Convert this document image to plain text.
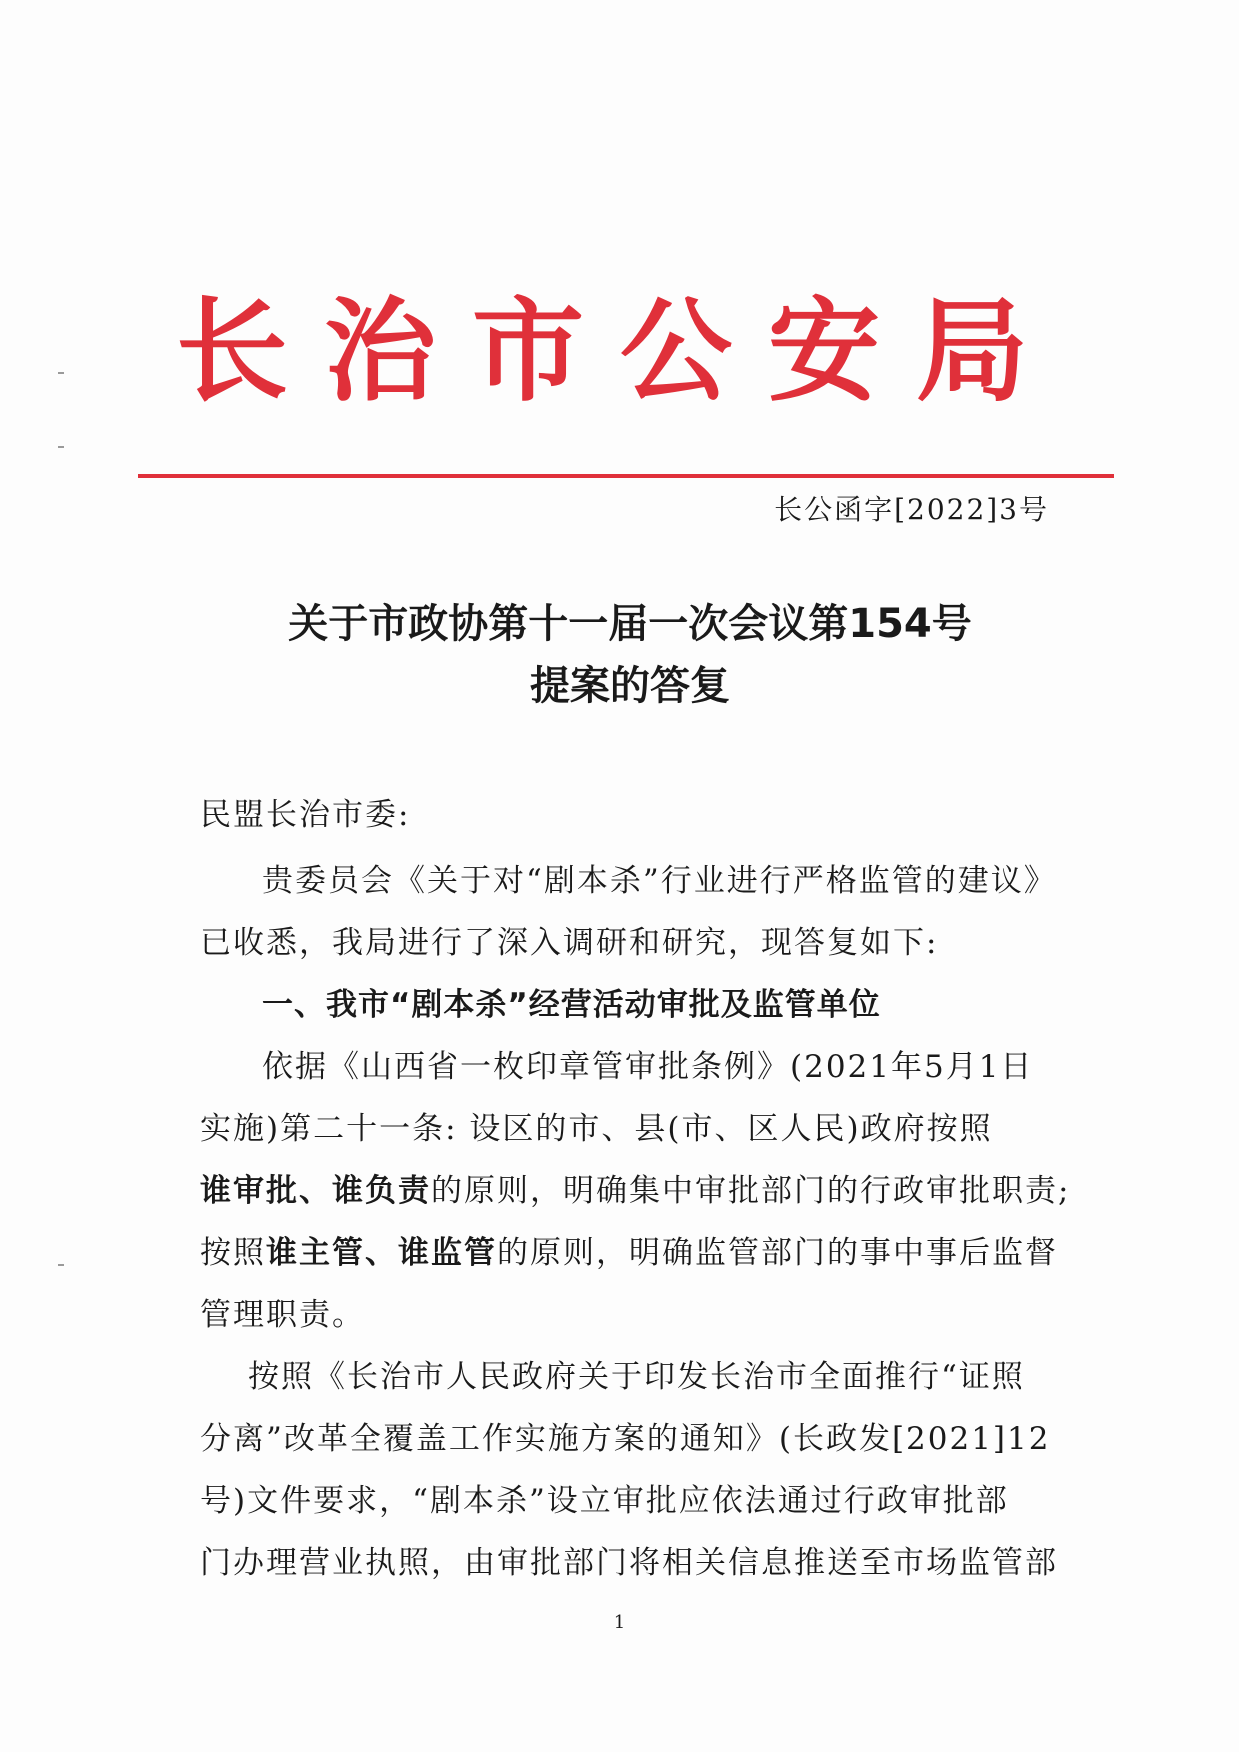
长治市公安局
长公函字[2022]3号
关于市政协第十一届一次会议第154号
提案的答复
民盟长治市委:
贵委员会《关于对“剧本杀”行业进行严格监管的建议》
已收悉，我局进行了深入调研和研究，现答复如下:
一、我市“剧本杀”经营活动审批及监管单位
依据《山西省一枚印章管审批条例》(2021年5月1日
实施)第二十一条: 设区的市、县(市、区人民)政府按照
谁审批、谁负责的原则，明确集中审批部门的行政审批职责;
按照谁主管、谁监管的原则，明确监管部门的事中事后监督
管理职责。
按照《长治市人民政府关于印发长治市全面推行“证照
分离”改革全覆盖工作实施方案的通知》(长政发[2021]12
号)文件要求，“剧本杀”设立审批应依法通过行政审批部
门办理营业执照，由审批部门将相关信息推送至市场监管部
1
